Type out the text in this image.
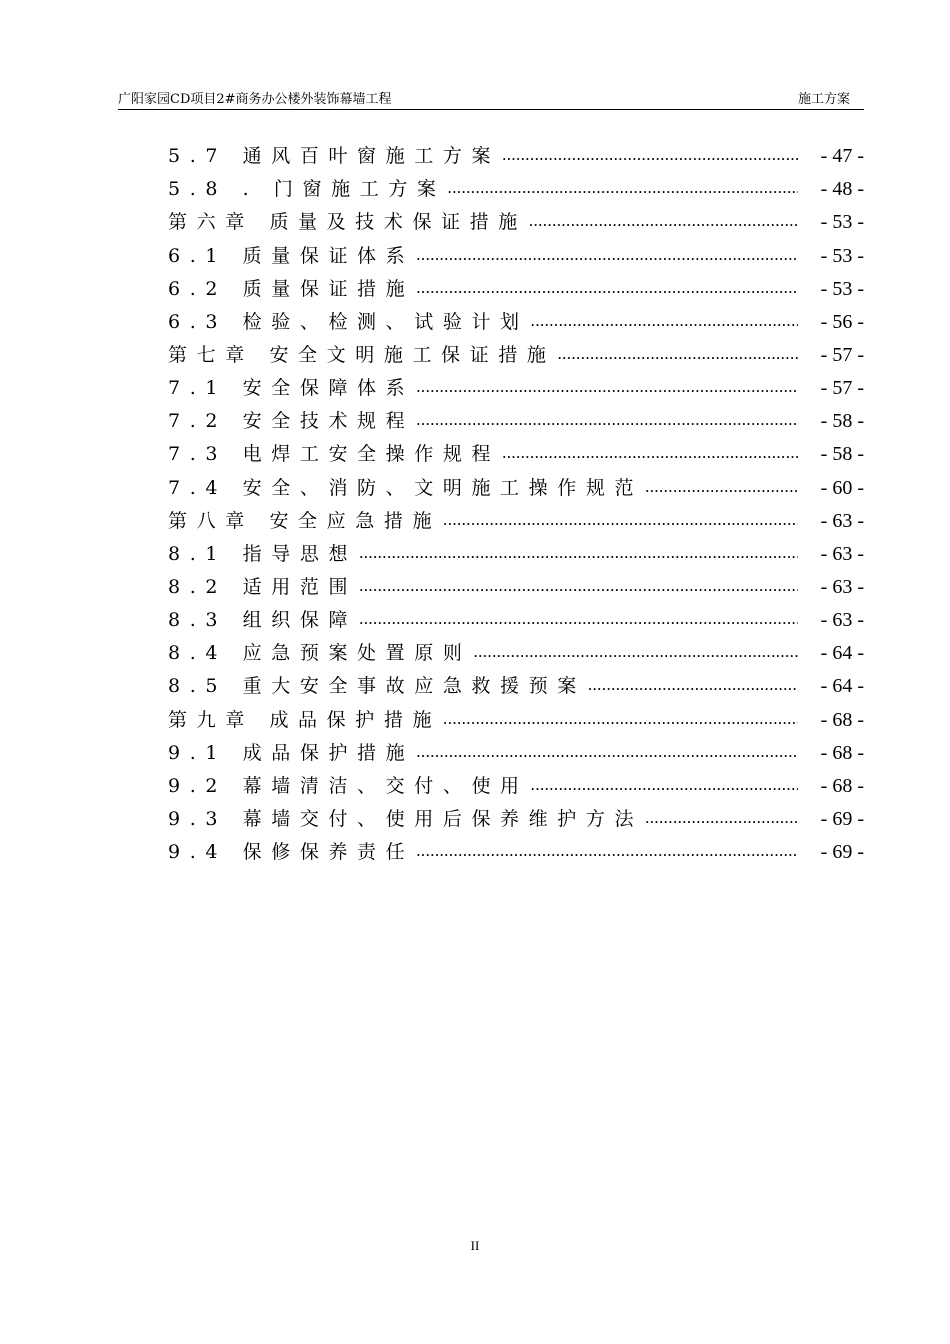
广阳家园CD项目2#商务办公楼外装饰幕墙工程	施工方案
5.7 通风百叶窗施工方案 .....	- 47 -
5.8 . 门窗施工方案 .....	- 48 -
第六章 质量及技术保证措施 .....	- 53 -
6.1 质量保证体系 .....	- 53 -
6.2 质量保证措施 .....	- 53 -
6.3 检验、检测、试验计划 .....	- 56 -
第七章 安全文明施工保证措施 .....	- 57 -
7.1 安全保障体系 .....	- 57 -
7.2 安全技术规程 .....	- 58 -
7.3 电焊工安全操作规程 .....	- 58 -
7.4 安全、消防、文明施工操作规范 .....	- 60 -
第八章 安全应急措施 .....	- 63 -
8.1 指导思想 .....	- 63 -
8.2 适用范围 .....	- 63 -
8.3 组织保障 .....	- 63 -
8.4 应急预案处置原则 .....	- 64 -
8.5 重大安全事故应急救援预案 .....	- 64 -
第九章 成品保护措施 .....	- 68 -
9.1 成品保护措施 .....	- 68 -
9.2 幕墙清洁、交付、使用 .....	- 68 -
9.3 幕墙交付、使用后保养维护方法 .....	- 69 -
9.4 保修保养责任 .....	- 69 -
II
